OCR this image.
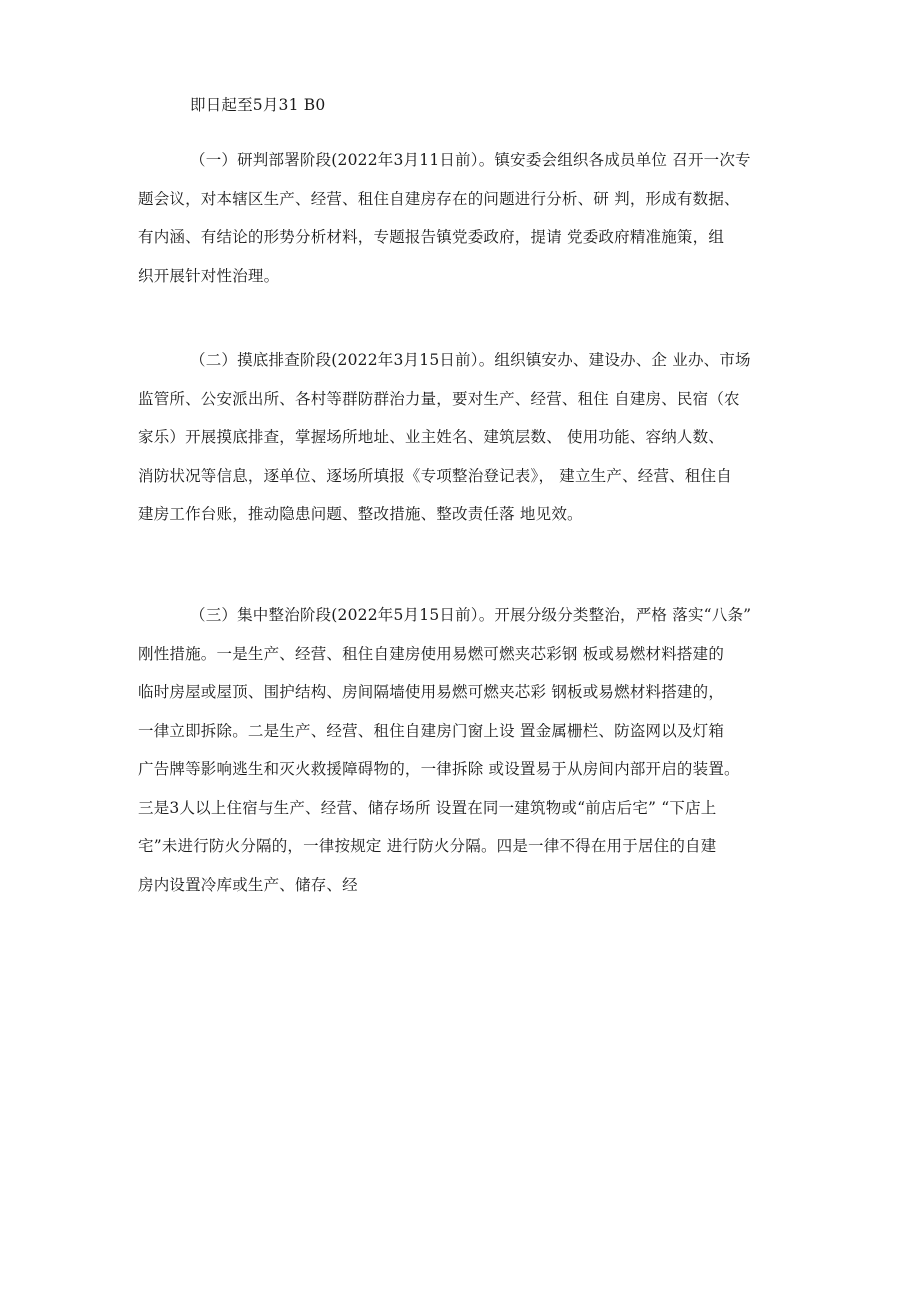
即日起至5月31 B0

（一）研判部署阶段(2022年3月11日前）。镇安委会组织各成员单位 召开一次专
题会议，对本辖区生产、经营、租住自建房存在的问题进行分析、研 判，形成有数据、
有内涵、有结论的形势分析材料，专题报告镇党委政府，提请 党委政府精准施策，组
织开展针对性治理。

（二）摸底排查阶段(2022年3月15日前）。组织镇安办、建设办、企 业办、市场
监管所、公安派出所、各村等群防群治力量，要对生产、经营、租住 自建房、民宿（农
家乐）开展摸底排查，掌握场所地址、业主姓名、建筑层数、 使用功能、容纳人数、
消防状况等信息，逐单位、逐场所填报《专项整治登记表》， 建立生产、经营、租住自
建房工作台账，推动隐患问题、整改措施、整改责任落 地见效。

（三）集中整治阶段(2022年5月15日前）。开展分级分类整治，严格 落实“八条”
刚性措施。一是生产、经营、租住自建房使用易燃可燃夹芯彩钢 板或易燃材料搭建的
临时房屋或屋顶、围护结构、房间隔墙使用易燃可燃夹芯彩 钢板或易燃材料搭建的，
一律立即拆除。二是生产、经营、租住自建房门窗上设 置金属栅栏、防盗网以及灯箱
广告牌等影响逃生和灭火救援障碍物的，一律拆除 或设置易于从房间内部开启的装置。
三是3人以上住宿与生产、经营、储存场所 设置在同一建筑物或“前店后宅” “下店上
宅”未进行防火分隔的，一律按规定 进行防火分隔。四是一律不得在用于居住的自建
房内设置冷库或生产、储存、经
